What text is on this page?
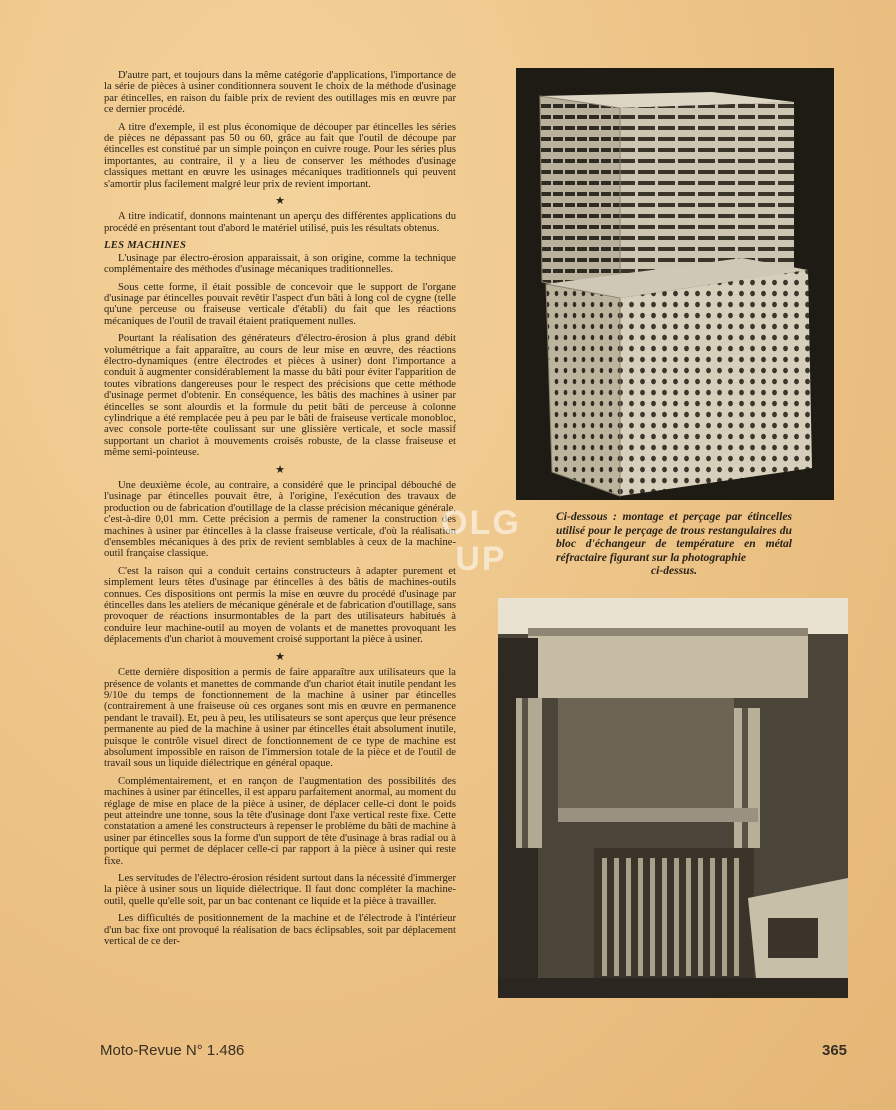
D'autre part, et toujours dans la même catégorie d'applications, l'importance de la série de pièces à usiner conditionnera souvent le choix de la méthode d'usinage par étincelles, en raison du faible prix de revient des outillages mis en œuvre par ce dernier procédé.

A titre d'exemple, il est plus économique de découper par étincelles les séries de pièces ne dépassant pas 50 ou 60, grâce au fait que l'outil de découpe par étincelles est constitué par un simple poinçon en cuivre rouge. Pour les séries plus importantes, au contraire, il y a lieu de conserver les méthodes d'usinage classiques mettant en œuvre les usinages mécaniques traditionnels qui peuvent s'amortir plus facilement malgré leur prix de revient important.

★

A titre indicatif, donnons maintenant un aperçu des différentes applications du procédé en présentant tout d'abord le matériel utilisé, puis les résultats obtenus.

LES MACHINES

L'usinage par électro-érosion apparaissait, à son origine, comme la technique complémentaire des méthodes d'usinage mécaniques traditionnelles.

Sous cette forme, il était possible de concevoir que le support de l'organe d'usinage par étincelles pouvait revêtir l'aspect d'un bâti à long col de cygne (telle qu'une perceuse ou fraiseuse verticale d'établi) du fait que les réactions mécaniques de l'outil de travail étaient pratiquement nulles.

Pourtant la réalisation des générateurs d'électro-érosion à plus grand débit volumétrique a fait apparaître, au cours de leur mise en œuvre, des réactions électro-dynamiques (entre électrodes et pièces à usiner) dont l'importance a conduit à augmenter considérablement la masse du bâti pour éviter l'apparition de toutes vibrations dangereuses pour le respect des précisions que cette méthode d'usinage permet d'obtenir. En conséquence, les bâtis des machines à usiner par étincelles se sont alourdis et la formule du petit bâti de perceuse à colonne cylindrique a été remplacée peu à peu par le bâti de fraiseuse verticale monobloc, avec console porte-tête coulissant sur une glissière verticale, et socle massif supportant un chariot à mouvements croisés robuste, de la classe fraiseuse et même semi-pointeuse.

★

Une deuxième école, au contraire, a considéré que le principal débouché de l'usinage par étincelles pouvait être, à l'origine, l'exécution des travaux de production ou de fabrication d'outillage de la classe précision mécanique générale, c'est-à-dire 0,01 mm. Cette précision a permis de ramener la construction des machines à usiner par étincelles à la classe fraiseuse verticale, d'où la réalisation d'ensembles mécaniques à des prix de revient semblables à ceux de la machine-outil française classique.

C'est la raison qui a conduit certains constructeurs à adapter purement et simplement leurs têtes d'usinage par étincelles à des bâtis de machines-outils connues. Ces dispositions ont permis la mise en œuvre du procédé d'usinage par étincelles dans les ateliers de mécanique générale et de fabrication d'outillage, sans provoquer de réactions insurmontables de la part des utilisateurs habitués à conduire leur machine-outil au moyen de volants et de manettes provoquant les déplacements d'un chariot à mouvement croisé supportant la pièce à usiner.

★

Cette dernière disposition a permis de faire apparaître aux utilisateurs que la présence de volants et manettes de commande d'un chariot était inutile pendant les 9/10e du temps de fonctionnement de la machine à usiner par étincelles (contrairement à une fraiseuse où ces organes sont mis en œuvre en permanence pendant le travail). Et, peu à peu, les utilisateurs se sont aperçus que leur présence permanente au pied de la machine à usiner par étincelles était absolument inutile, puisque le contrôle visuel direct de fonctionnement de ce type de machine est absolument impossible en raison de l'immersion totale de la pièce et de l'outil de travail sous un liquide diélectrique en général opaque.

Complémentairement, et en rançon de l'augmentation des possibilités des machines à usiner par étincelles, il est apparu parfaitement anormal, au moment du réglage de mise en place de la pièce à usiner, de déplacer celle-ci dont le poids peut atteindre une tonne, sous la tête d'usinage dont l'axe vertical reste fixe. Cette constatation a amené les constructeurs à repenser le problème du bâti de machine à usiner par étincelles sous la forme d'un support de tête d'usinage à bras radial ou à portique qui permet de déplacer celle-ci par rapport à la pièce à usiner qui reste fixe.

Les servitudes de l'électro-érosion résident surtout dans la nécessité d'immerger la pièce à usiner sous un liquide diélectrique. Il faut donc compléter la machine-outil, quelle qu'elle soit, par un bac contenant ce liquide et la pièce à travailler.

Les difficultés de positionnement de la machine et de l'électrode à l'intérieur d'un bac fixe ont provoqué la réalisation de bacs éclipsables, soit par déplacement vertical de ce der-

Ci-dessous : montage et perçage par étincelles utilisé pour le perçage de trous restangulaires du bloc d'échangeur de température en métal réfractaire figurant sur la photographie
ci-dessus.
OLG UP
Moto-Revue N° 1.486	365
